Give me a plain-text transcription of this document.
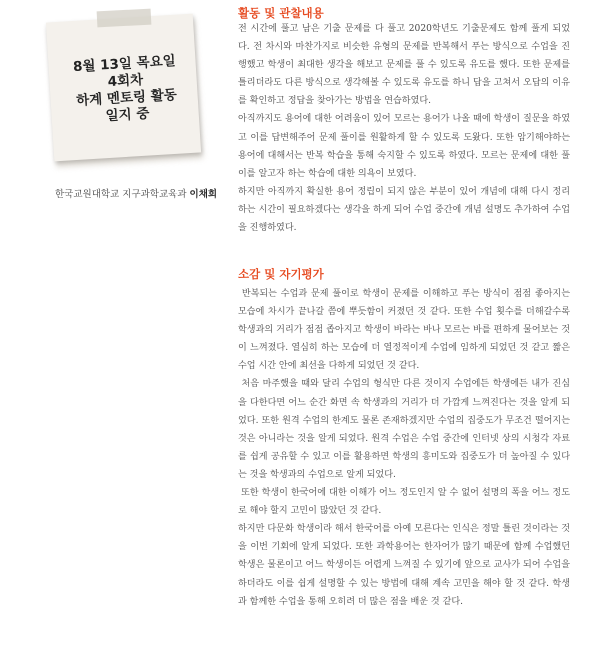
8월 13일 목요일
4회차
하계 멘토링 활동
일지 중
한국교원대학교 지구과학교육과 이채희
활동 및 관찰내용

전 시간에 풀고 남은 기출 문제를 다 풀고 2020학년도 기출문제도 함께 풀게 되었다. 전 차시와 마찬가지로 비슷한 유형의 문제를 반복해서 푸는 방식으로 수업을 진행했고 학생이 최대한 생각을 해보고 문제를 풀 수 있도록 유도를 했다. 또한 문제를 틀리더라도 다른 방식으로 생각해볼 수 있도록 유도를 하니 답을 고쳐서 오답의 이유를 확인하고 정답을 찾아가는 방법을 연습하였다.

아직까지도 용어에 대한 어려움이 있어 모르는 용어가 나올 때에 학생이 질문을 하였고 이를 답변해주어 문제 풀이를 원활하게 할 수 있도록 도왔다. 또한 암기해야하는 용어에 대해서는 반복 학습을 통해 숙지할 수 있도록 하였다. 모르는 문제에 대한 풀이를 알고자 하는 학습에 대한 의욕이 보였다.

하지만 아직까지 확실한 용어 정립이 되지 않은 부분이 있어 개념에 대해 다시 정리하는 시간이 필요하겠다는 생각을 하게 되어 수업 중간에 개념 설명도 추가하여 수업을 진행하였다.

소감 및 자기평가

반복되는 수업과 문제 풀이로 학생이 문제를 이해하고 푸는 방식이 점점 좋아지는 모습에 차시가 끝나갈 쯤에 뿌듯함이 커졌던 것 같다. 또한 수업 횟수를 더해갈수록 학생과의 거리가 점점 좁아지고 학생이 바라는 바나 모르는 바를 편하게 물어보는 것이 느껴졌다. 열심히 하는 모습에 더 열정적이게 수업에 임하게 되었던 것 같고 짧은 수업 시간 안에 최선을 다하게 되었던 것 같다.

처음 마주했을 때와 달리 수업의 형식만 다른 것이지 수업에든 학생에든 내가 진심을 다한다면 어느 순간 화면 속 학생과의 거리가 더 가깝게 느껴진다는 것을 알게 되었다. 또한 원격 수업의 한계도 물론 존재하겠지만 수업의 집중도가 무조건 떨어지는 것은 아니라는 것을 알게 되었다. 원격 수업은 수업 중간에 인터넷 상의 시청각 자료를 쉽게 공유할 수 있고 이를 활용하면 학생의 흥미도와 집중도가 더 높아질 수 있다는 것을 학생과의 수업으로 알게 되었다.

또한 학생이 한국어에 대한 이해가 어느 정도인지 알 수 없어 설명의 폭을 어느 정도로 해야 할지 고민이 많았던 것 같다.

하지만 다문화 학생이라 해서 한국어를 아예 모른다는 인식은 정말 틀린 것이라는 것을 이번 기회에 알게 되었다. 또한 과학용어는 한자어가 많기 때문에 함께 수업했던 학생은 물론이고 어느 학생이든 어렵게 느껴질 수 있기에 앞으로 교사가 되어 수업을 하더라도 이를 쉽게 설명할 수 있는 방법에 대해 계속 고민을 해야 할 것 같다. 학생과 함께한 수업을 통해 오히려 더 많은 점을 배운 것 같다.
